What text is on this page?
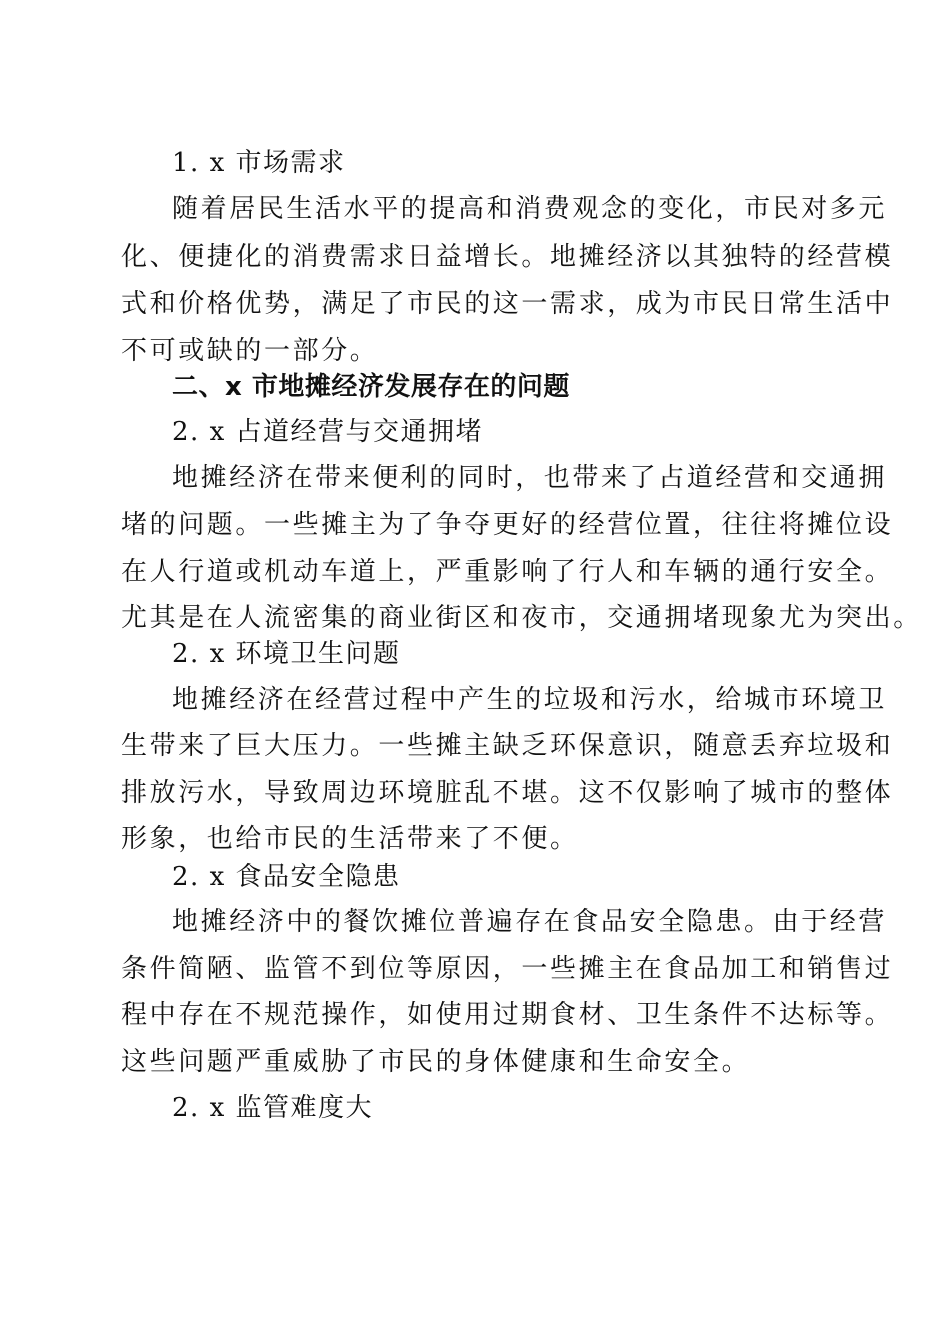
1. x 市场需求
随着居民生活水平的提高和消费观念的变化，市民对多元
化、便捷化的消费需求日益增长。地摊经济以其独特的经营模
式和价格优势，满足了市民的这一需求，成为市民日常生活中
不可或缺的一部分。
二、x 市地摊经济发展存在的问题
2. x 占道经营与交通拥堵
地摊经济在带来便利的同时，也带来了占道经营和交通拥
堵的问题。一些摊主为了争夺更好的经营位置，往往将摊位设
在人行道或机动车道上，严重影响了行人和车辆的通行安全。
尤其是在人流密集的商业街区和夜市，交通拥堵现象尤为突出。
2. x 环境卫生问题
地摊经济在经营过程中产生的垃圾和污水，给城市环境卫
生带来了巨大压力。一些摊主缺乏环保意识，随意丢弃垃圾和
排放污水，导致周边环境脏乱不堪。这不仅影响了城市的整体
形象，也给市民的生活带来了不便。
2. x 食品安全隐患
地摊经济中的餐饮摊位普遍存在食品安全隐患。由于经营
条件简陋、监管不到位等原因，一些摊主在食品加工和销售过
程中存在不规范操作，如使用过期食材、卫生条件不达标等。
这些问题严重威胁了市民的身体健康和生命安全。
2. x 监管难度大
